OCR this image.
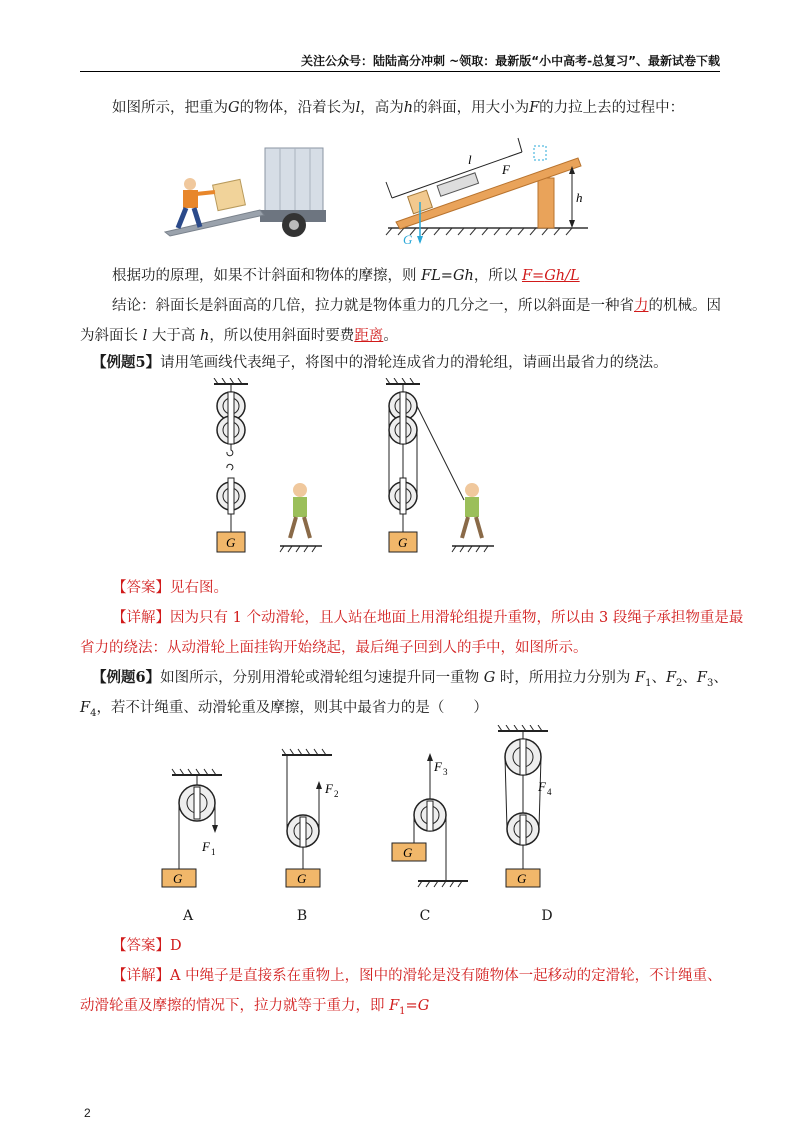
关注公众号：陆陆高分冲刺 ~领取：最新版“小中高考-总复习”、最新试卷下载
如图所示，把重为G的物体，沿着长为l，高为h的斜面，用大小为F的力拉上去的过程中：
l
F
h
G
根据功的原理，如果不计斜面和物体的摩擦，则 FL=Gh，所以 F=Gh/L
结论：斜面长是斜面高的几倍，拉力就是物体重力的几分之一，所以斜面是一种省力的机械。因
为斜面长 l 大于高 h，所以使用斜面时要费距离。
【例题5】请用笔画线代表绳子，将图中的滑轮连成省力的滑轮组，请画出最省力的绕法。
G	G
【答案】见右图。
【详解】因为只有 1 个动滑轮，且人站在地面上用滑轮组提升重物，所以由 3 段绳子承担物重是最
省力的绕法：从动滑轮上面挂钩开始绕起，最后绳子回到人的手中，如图所示。
【例题6】如图所示，分别用滑轮或滑轮组匀速提升同一重物 G 时，所用拉力分别为 $F_1$、$F_2$、$F_3$、
$F_4$，若不计绳重、动滑轮重及摩擦，则其中最省力的是（　　）
G
F 1
G
F 2
G
F 3
G
F 4
A	B	C	D
【答案】D
【详解】A 中绳子是直接系在重物上，图中的滑轮是没有随物体一起移动的定滑轮，不计绳重、
动滑轮重及摩擦的情况下，拉力就等于重力，即 $F_1=G$
2
